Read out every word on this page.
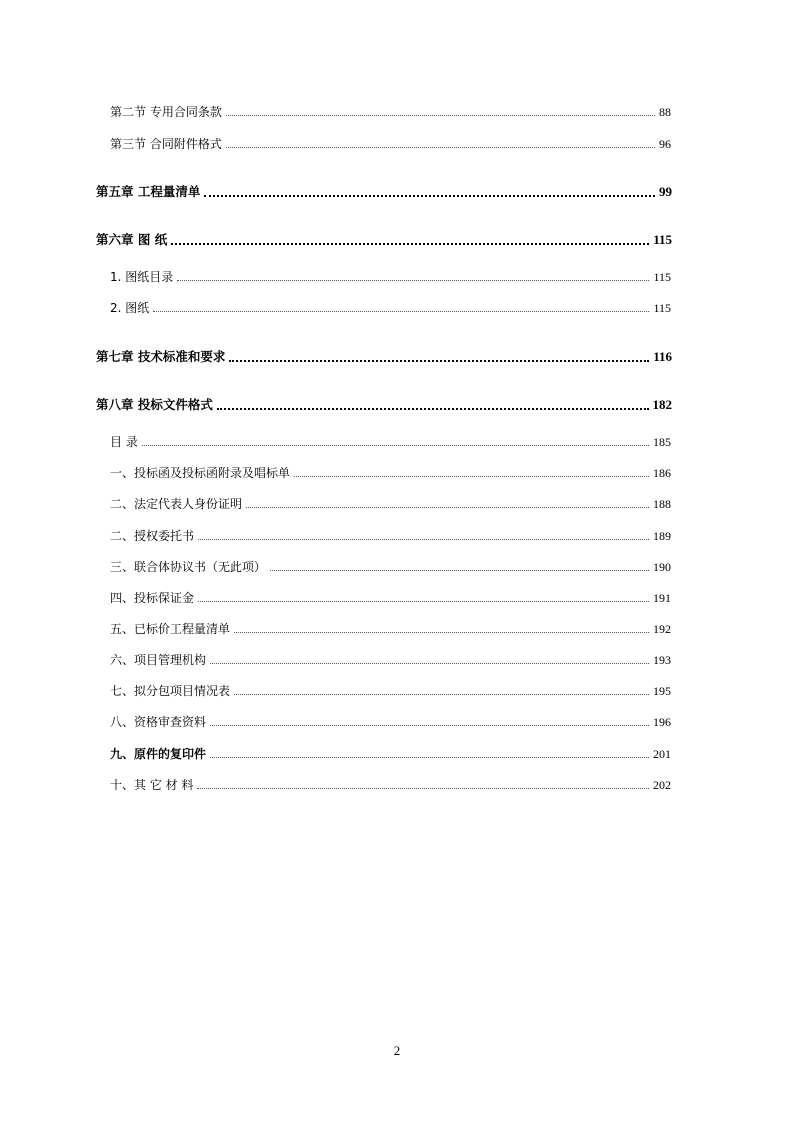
第二节 专用合同条款	88
第三节 合同附件格式	96
第五章 工程量清单	99
第六章 图 纸	115
1. 图纸目录	115
2. 图纸	115
第七章 技术标准和要求	116
第八章 投标文件格式	182
目 录	185
一、投标函及投标函附录及唱标单	186
二、法定代表人身份证明	188
二、授权委托书	189
三、联合体协议书（无此项）	190
四、投标保证金	191
五、已标价工程量清单	192
六、项目管理机构	193
七、拟分包项目情况表	195
八、资格审查资料	196
九、原件的复印件	201
十、其 它 材 料	202
2
